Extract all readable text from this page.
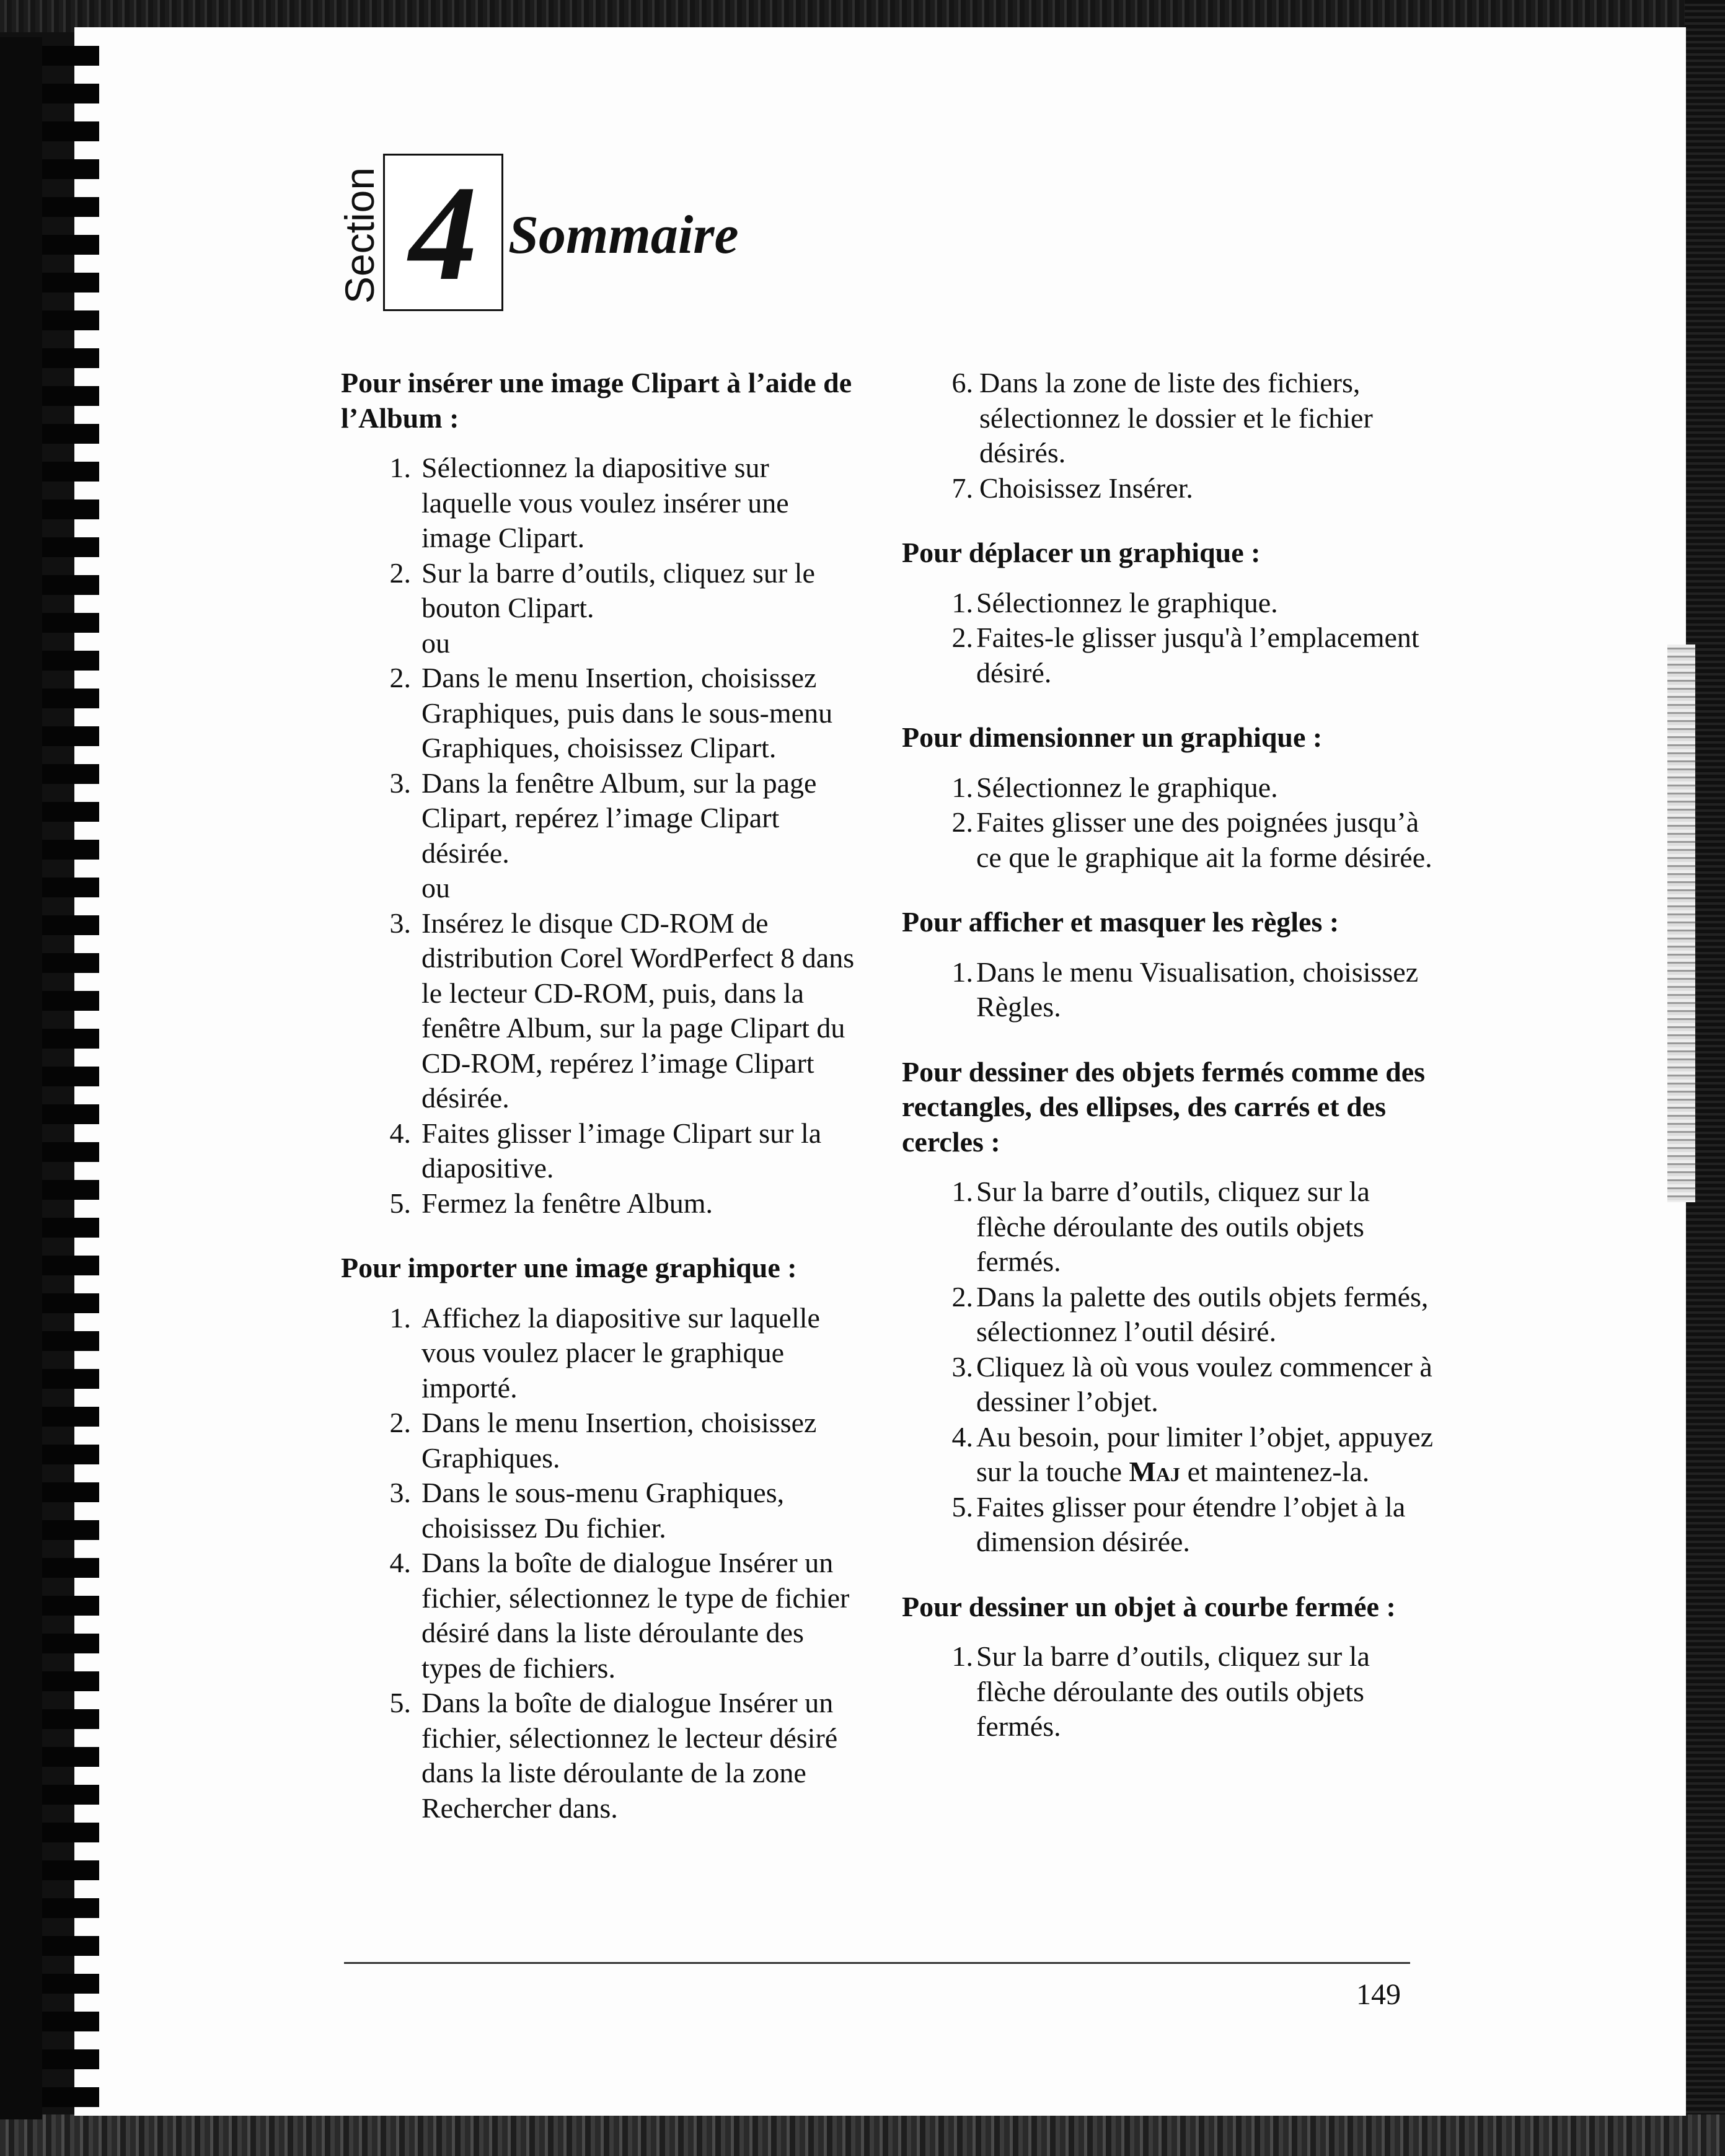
Section 4 Sommaire
Pour insérer une image Clipart à l’aide de l’Album :
1. Sélectionnez la diapositive sur laquelle vous voulez insérer une image Clipart.
2. Sur la barre d’outils, cliquez sur le bouton Clipart.
ou
2. Dans le menu Insertion, choisissez Graphiques, puis dans le sous-menu Graphiques, choisissez Clipart.
3. Dans la fenêtre Album, sur la page Clipart, repérez l’image Clipart désirée.
ou
3. Insérez le disque CD-ROM de distribution Corel WordPerfect 8 dans le lecteur CD-ROM, puis, dans la fenêtre Album, sur la page Clipart du CD-ROM, repérez l’image Clipart désirée.
4. Faites glisser l’image Clipart sur la diapositive.
5. Fermez la fenêtre Album.
Pour importer une image graphique :
1. Affichez la diapositive sur laquelle vous voulez placer le graphique importé.
2. Dans le menu Insertion, choisissez Graphiques.
3. Dans le sous-menu Graphiques, choisissez Du fichier.
4. Dans la boîte de dialogue Insérer un fichier, sélectionnez le type de fichier désiré dans la liste déroulante des types de fichiers.
5. Dans la boîte de dialogue Insérer un fichier, sélectionnez le lecteur désiré dans la liste déroulante de la zone Rechercher dans.
6. Dans la zone de liste des fichiers, sélectionnez le dossier et le fichier désirés.
7. Choisissez Insérer.
Pour déplacer un graphique :
1. Sélectionnez le graphique.
2. Faites-le glisser jusqu'à l’emplacement désiré.
Pour dimensionner un graphique :
1. Sélectionnez le graphique.
2. Faites glisser une des poignées jusqu’à ce que le graphique ait la forme désirée.
Pour afficher et masquer les règles :
1. Dans le menu Visualisation, choisissez Règles.
Pour dessiner des objets fermés comme des rectangles, des ellipses, des carrés et des cercles :
1. Sur la barre d’outils, cliquez sur la flèche déroulante des outils objets fermés.
2. Dans la palette des outils objets fermés, sélectionnez l’outil désiré.
3. Cliquez là où vous voulez commencer à dessiner l’objet.
4. Au besoin, pour limiter l’objet, appuyez sur la touche Maj et maintenez-la.
5. Faites glisser pour étendre l’objet à la dimension désirée.
Pour dessiner un objet à courbe fermée :
1. Sur la barre d’outils, cliquez sur la flèche déroulante des outils objets fermés.
149
